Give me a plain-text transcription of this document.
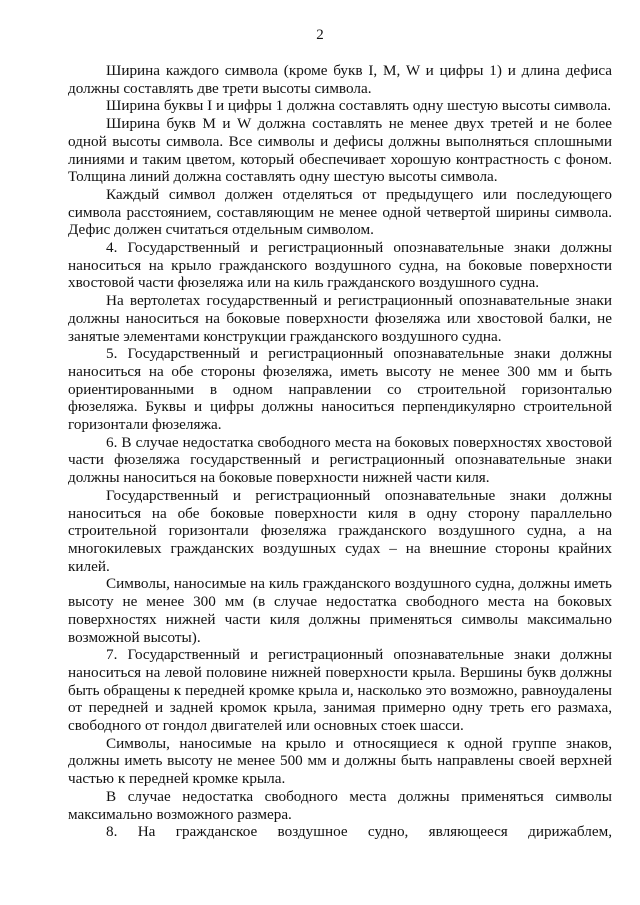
2

Ширина каждого символа (кроме букв I, M, W и цифры 1) и длина дефиса должны составлять две трети высоты символа.

Ширина буквы I и цифры 1 должна составлять одну шестую высоты символа.

Ширина букв M и W должна составлять не менее двух третей и не более одной высоты символа. Все символы и дефисы должны выполняться сплошными линиями и таким цветом, который обеспечивает хорошую контрастность с фоном. Толщина линий должна составлять одну шестую высоты символа.

Каждый символ должен отделяться от предыдущего или последующего символа расстоянием, составляющим не менее одной четвертой ширины символа. Дефис должен считаться отдельным символом.

4. Государственный и регистрационный опознавательные знаки должны наноситься на крыло гражданского воздушного судна, на боковые поверхности хвостовой части фюзеляжа или на киль гражданского воздушного судна.

На вертолетах государственный и регистрационный опознавательные знаки должны наноситься на боковые поверхности фюзеляжа или хвостовой балки, не занятые элементами конструкции гражданского воздушного судна.

5. Государственный и регистрационный опознавательные знаки должны наноситься на обе стороны фюзеляжа, иметь высоту не менее 300 мм и быть ориентированными в одном направлении со строительной горизонталью фюзеляжа. Буквы и цифры должны наноситься перпендикулярно строительной горизонтали фюзеляжа.

6. В случае недостатка свободного места на боковых поверхностях хвостовой части фюзеляжа государственный и регистрационный опознавательные знаки должны наноситься на боковые поверхности нижней части киля.

Государственный и регистрационный опознавательные знаки должны наноситься на обе боковые поверхности киля в одну сторону параллельно строительной горизонтали фюзеляжа гражданского воздушного судна, а на многокилевых гражданских воздушных судах – на внешние стороны крайних килей.

Символы, наносимые на киль гражданского воздушного судна, должны иметь высоту не менее 300 мм (в случае недостатка свободного места на боковых поверхностях нижней части киля должны применяться символы максимально возможной высоты).

7. Государственный и регистрационный опознавательные знаки должны наноситься на левой половине нижней поверхности крыла. Вершины букв должны быть обращены к передней кромке крыла и, насколько это возможно, равноудалены от передней и задней кромок крыла, занимая примерно одну треть его размаха, свободного от гондол двигателей или основных стоек шасси.

Символы, наносимые на крыло и относящиеся к одной группе знаков, должны иметь высоту не менее 500 мм и должны быть направлены своей верхней частью к передней кромке крыла.

В случае недостатка свободного места должны применяться символы максимально возможного размера.

8. На гражданское воздушное судно, являющееся дирижаблем,
